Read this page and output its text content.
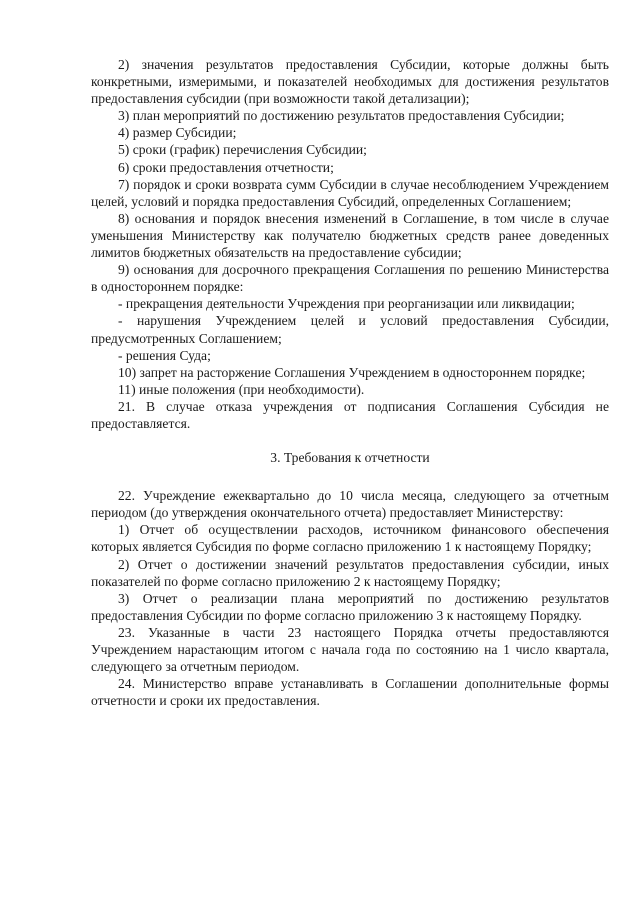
2) значения результатов предоставления Субсидии, которые должны быть конкретными, измеримыми, и показателей необходимых для достижения результатов предоставления субсидии (при возможности такой детализации);

3) план мероприятий по достижению результатов предоставления Субсидии;

4) размер Субсидии;

5) сроки (график) перечисления Субсидии;

6) сроки предоставления отчетности;

7) порядок и сроки возврата сумм Субсидии в случае несоблюдением Учреждением целей, условий и порядка предоставления Субсидий, определенных Соглашением;

8) основания и порядок внесения изменений в Соглашение, в том числе в случае уменьшения Министерству как получателю бюджетных средств ранее доведенных лимитов бюджетных обязательств на предоставление субсидии;

9) основания для досрочного прекращения Соглашения по решению Министерства в одностороннем порядке:

- прекращения деятельности Учреждения при реорганизации или ликвидации;

- нарушения Учреждением целей и условий предоставления Субсидии, предусмотренных Соглашением;

- решения Суда;

10) запрет на расторжение Соглашения Учреждением в одностороннем порядке;

11) иные положения (при необходимости).

21. В случае отказа учреждения от подписания Соглашения Субсидия не предоставляется.

3. Требования к отчетности

22. Учреждение ежеквартально до 10 числа месяца, следующего за отчетным периодом (до утверждения окончательного отчета) предоставляет Министерству:

1) Отчет об осуществлении расходов, источником финансового обеспечения которых является Субсидия по форме согласно приложению 1 к настоящему Порядку;

2) Отчет о достижении значений результатов предоставления субсидии, иных показателей по форме согласно приложению 2 к настоящему Порядку;

3) Отчет о реализации плана мероприятий по достижению результатов предоставления Субсидии по форме согласно приложению 3 к настоящему Порядку.

23. Указанные в части 23 настоящего Порядка отчеты предоставляются Учреждением нарастающим итогом с начала года по состоянию на 1 число квартала, следующего за отчетным периодом.

24. Министерство вправе устанавливать в Соглашении дополнительные формы отчетности и сроки их предоставления.
